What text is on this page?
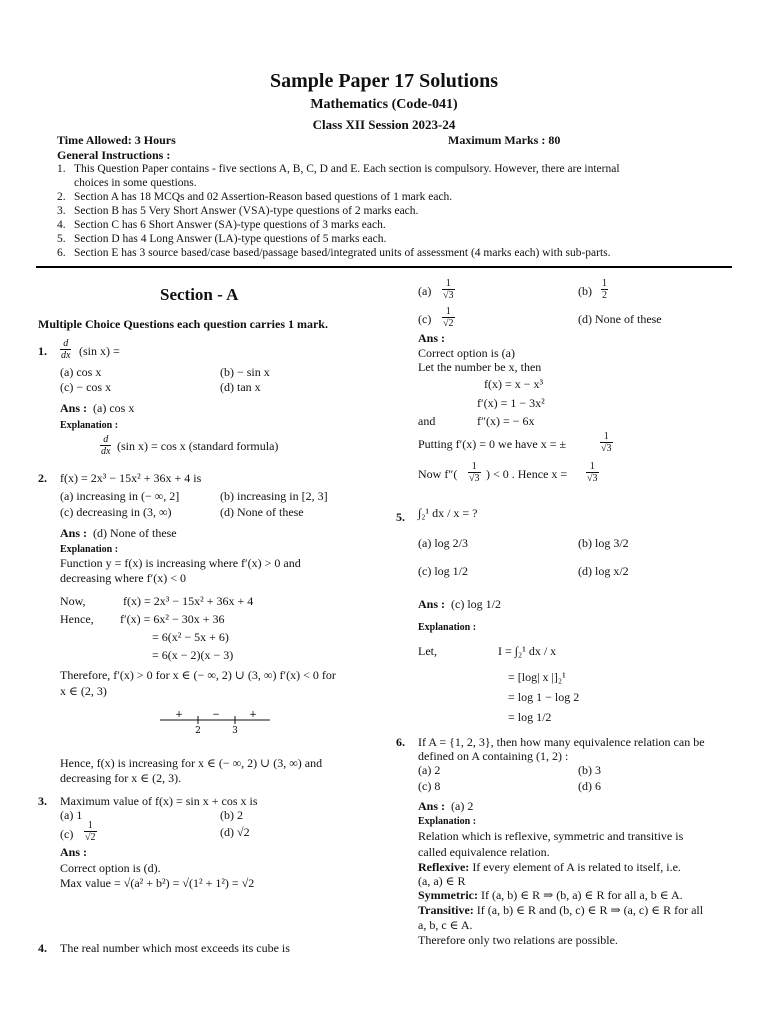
Sample Paper 17 Solutions
Mathematics (Code-041)
Class XII Session 2023-24
Time Allowed: 3 Hours	Maximum Marks : 80
General Instructions :
1. This Question Paper contains - five sections A, B, C, D and E. Each section is compulsory. However, there are internal
choices in some questions.
2. Section A has 18 MCQs and 02 Assertion-Reason based questions of 1 mark each.
3. Section B has 5 Very Short Answer (VSA)-type questions of 2 marks each.
4. Section C has 6 Short Answer (SA)-type questions of 3 marks each.
5. Section D has 4 Long Answer (LA)-type questions of 5 marks each.
6. Section E has 3 source based/case based/passage based/integrated units of assessment (4 marks each) with sub-parts.
Section - A
Multiple Choice Questions each question carries 1 mark.
1. $\frac{d}{dx} (\sin$ x) =
(a) cos x	(b) − sin x
(c) − cos x	(d) tan x
Ans : (a) cos x
Explanation :
$\frac{d}{dx} (\sin$ x) = cos x (standard formula)
2. f(x) = 2x³ − 15x² + 36x + 4 is
(a) increasing in (− ∞, 2]	(b) increasing in [2, 3]
(c) decreasing in (3, ∞)	(d) None of these
Ans : (d) None of these
Explanation :
Function y = f(x) is increasing where f′(x) > 0 and
decreasing where f′(x) < 0
Now,	f(x) = 2x³ − 15x² + 36x + 4
Hence, f′(x) = 6x² − 30x + 36
= 6(x² − 5x + 6)
= 6(x − 2)(x − 3)
Therefore, f′(x) > 0 for x ∈ (− ∞, 2) ∪ (3, ∞) f′(x) < 0 for
x ∈ (2, 3)
+	−	+
2	3
Hence, f(x) is increasing for x ∈ (− ∞, 2) ∪ (3, ∞) and
decreasing for x ∈ (2, 3).
3. Maximum value of f(x) = sin x + cos x is
(a) 1	(b) 2
$(c) \frac{1}{√2}$	(d) √2
Ans :
Correct option is (d).
Max value = √(a² + b²) = √(1² + 1²) = √2
4. The real number which most exceeds its cube is
$(a) \frac{1}{√3}$	$(b) \frac{1}{2}$
$(c) \frac{1}{√2}$	(d) None of these
Ans :
Correct option is (a)
Let the number be x, then
f(x) = x − x³
f′(x) = 1 − 3x²
and	f″(x) = − 6x
Putting f′(x) = 0 we have x = ±	$\frac{1}{√3}$
Now $f''( \frac{1}{√3}$ ) < 0 . Hence $x = \frac{1}{√3}$
5. ∫₂¹ dx / x = ?
(a) log 2/3	(b) log 3/2
(c) log 1/2	(d) log x/2
Ans : (c) log 1/2
Explanation :
Let,	I = ∫₂¹ dx / x
= [log| x |]₂¹
= log 1 − log 2
= log 1/2
6. If A = {1, 2, 3}, then how many equivalence relation can be
defined on A containing (1, 2) :
(a) 2	(b) 3
(c) 8	(d) 6
Ans : (a) 2
Explanation :
Relation which is reflexive, symmetric and transitive is
called equivalence relation.
Reflexive: If every element of A is related to itself, i.e.
(a, a) ∈ R
Symmetric: If (a, b) ∈ R ⇒ (b, a) ∈ R for all a, b ∈ A.
Transitive: If (a, b) ∈ R and (b, c) ∈ R ⇒ (a, c) ∈ R for all
a, b, c ∈ A.
Therefore only two relations are possible.
